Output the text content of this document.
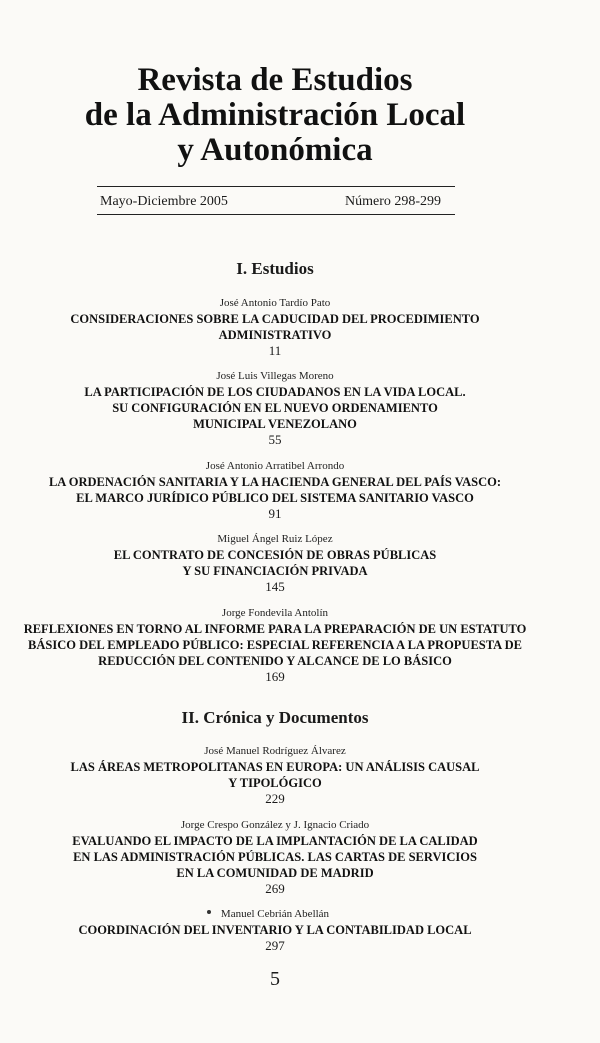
Revista de Estudios
de la Administración Local
y Autonómica
Mayo-Diciembre 2005	Número 298-299
I. Estudios
José Antonio Tardío Pato
CONSIDERACIONES SOBRE LA CADUCIDAD DEL PROCEDIMIENTO
ADMINISTRATIVO
11
José Luis Villegas Moreno
LA PARTICIPACIÓN DE LOS CIUDADANOS EN LA VIDA LOCAL.
SU CONFIGURACIÓN EN EL NUEVO ORDENAMIENTO
MUNICIPAL VENEZOLANO
55
José Antonio Arratibel Arrondo
LA ORDENACIÓN SANITARIA Y LA HACIENDA GENERAL DEL PAÍS VASCO:
EL MARCO JURÍDICO PÚBLICO DEL SISTEMA SANITARIO VASCO
91
Miguel Ángel Ruiz López
EL CONTRATO DE CONCESIÓN DE OBRAS PÚBLICAS
Y SU FINANCIACIÓN PRIVADA
145
Jorge Fondevila Antolín
REFLEXIONES EN TORNO AL INFORME PARA LA PREPARACIÓN DE UN ESTATUTO
BÁSICO DEL EMPLEADO PÚBLICO: ESPECIAL REFERENCIA A LA PROPUESTA DE
REDUCCIÓN DEL CONTENIDO Y ALCANCE DE LO BÁSICO
169
II. Crónica y Documentos
José Manuel Rodríguez Álvarez
LAS ÁREAS METROPOLITANAS EN EUROPA: UN ANÁLISIS CAUSAL
Y TIPOLÓGICO
229
Jorge Crespo González y J. Ignacio Criado
EVALUANDO EL IMPACTO DE LA IMPLANTACIÓN DE LA CALIDAD
EN LAS ADMINISTRACIÓN PÚBLICAS. LAS CARTAS DE SERVICIOS
EN LA COMUNIDAD DE MADRID
269
Manuel Cebrián Abellán
COORDINACIÓN DEL INVENTARIO Y LA CONTABILIDAD LOCAL
297
5
